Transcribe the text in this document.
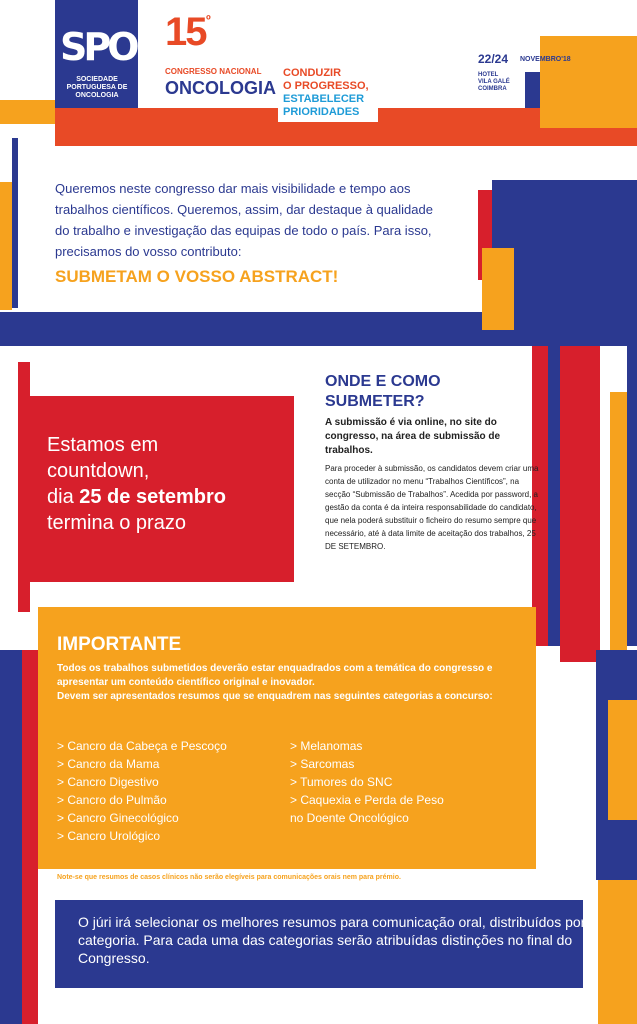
SPO
SOCIEDADE PORTUGUESA DE ONCOLOGIA
15 º
CONGRESSO NACIONAL
ONCOLOGIA
CONDUZIR
O PROGRESSO,
ESTABELECER
PRIORIDADES
22/24 NOVEMBRO'18
HOTEL
VILA GALÉ
COIMBRA
Queremos neste congresso dar mais visibilidade e tempo aos trabalhos científicos. Queremos, assim, dar destaque à qualidade do trabalho e investigação das equipas de todo o país. Para isso, precisamos do vosso contributo:
SUBMETAM O VOSSO ABSTRACT!
Estamos em
countdown,
dia 25 de setembro
termina o prazo
ONDE E COMO SUBMETER?
A submissão é via online, no site do congresso, na área de submissão de trabalhos.
Para proceder à submissão, os candidatos devem criar uma conta de utilizador no menu “Trabalhos Científicos”, na secção “Submissão de Trabalhos”. Acedida por password, a gestão da conta é da inteira responsabilidade do candidato, que nela poderá substituir o ficheiro do resumo sempre que necessário, até à data limite de aceitação dos trabalhos, 25 DE SETEMBRO.
IMPORTANTE
Todos os trabalhos submetidos deverão estar enquadrados com a temática do congresso e apresentar um conteúdo científico original e inovador.
Devem ser apresentados resumos que se enquadrem nas seguintes categorias a concurso:
> Cancro da Cabeça e Pescoço
> Cancro da Mama
> Cancro Digestivo
> Cancro do Pulmão
> Cancro Ginecológico
> Cancro Urológico
> Melanomas
> Sarcomas
> Tumores do SNC
> Caquexia e Perda de Peso
no Doente Oncológico
Note-se que resumos de casos clínicos não serão elegíveis para comunicações orais nem para prémio.
O júri irá selecionar os melhores resumos para comunicação oral, distribuídos por categoria. Para cada uma das categorias serão atribuídas distinções no final do Congresso.
